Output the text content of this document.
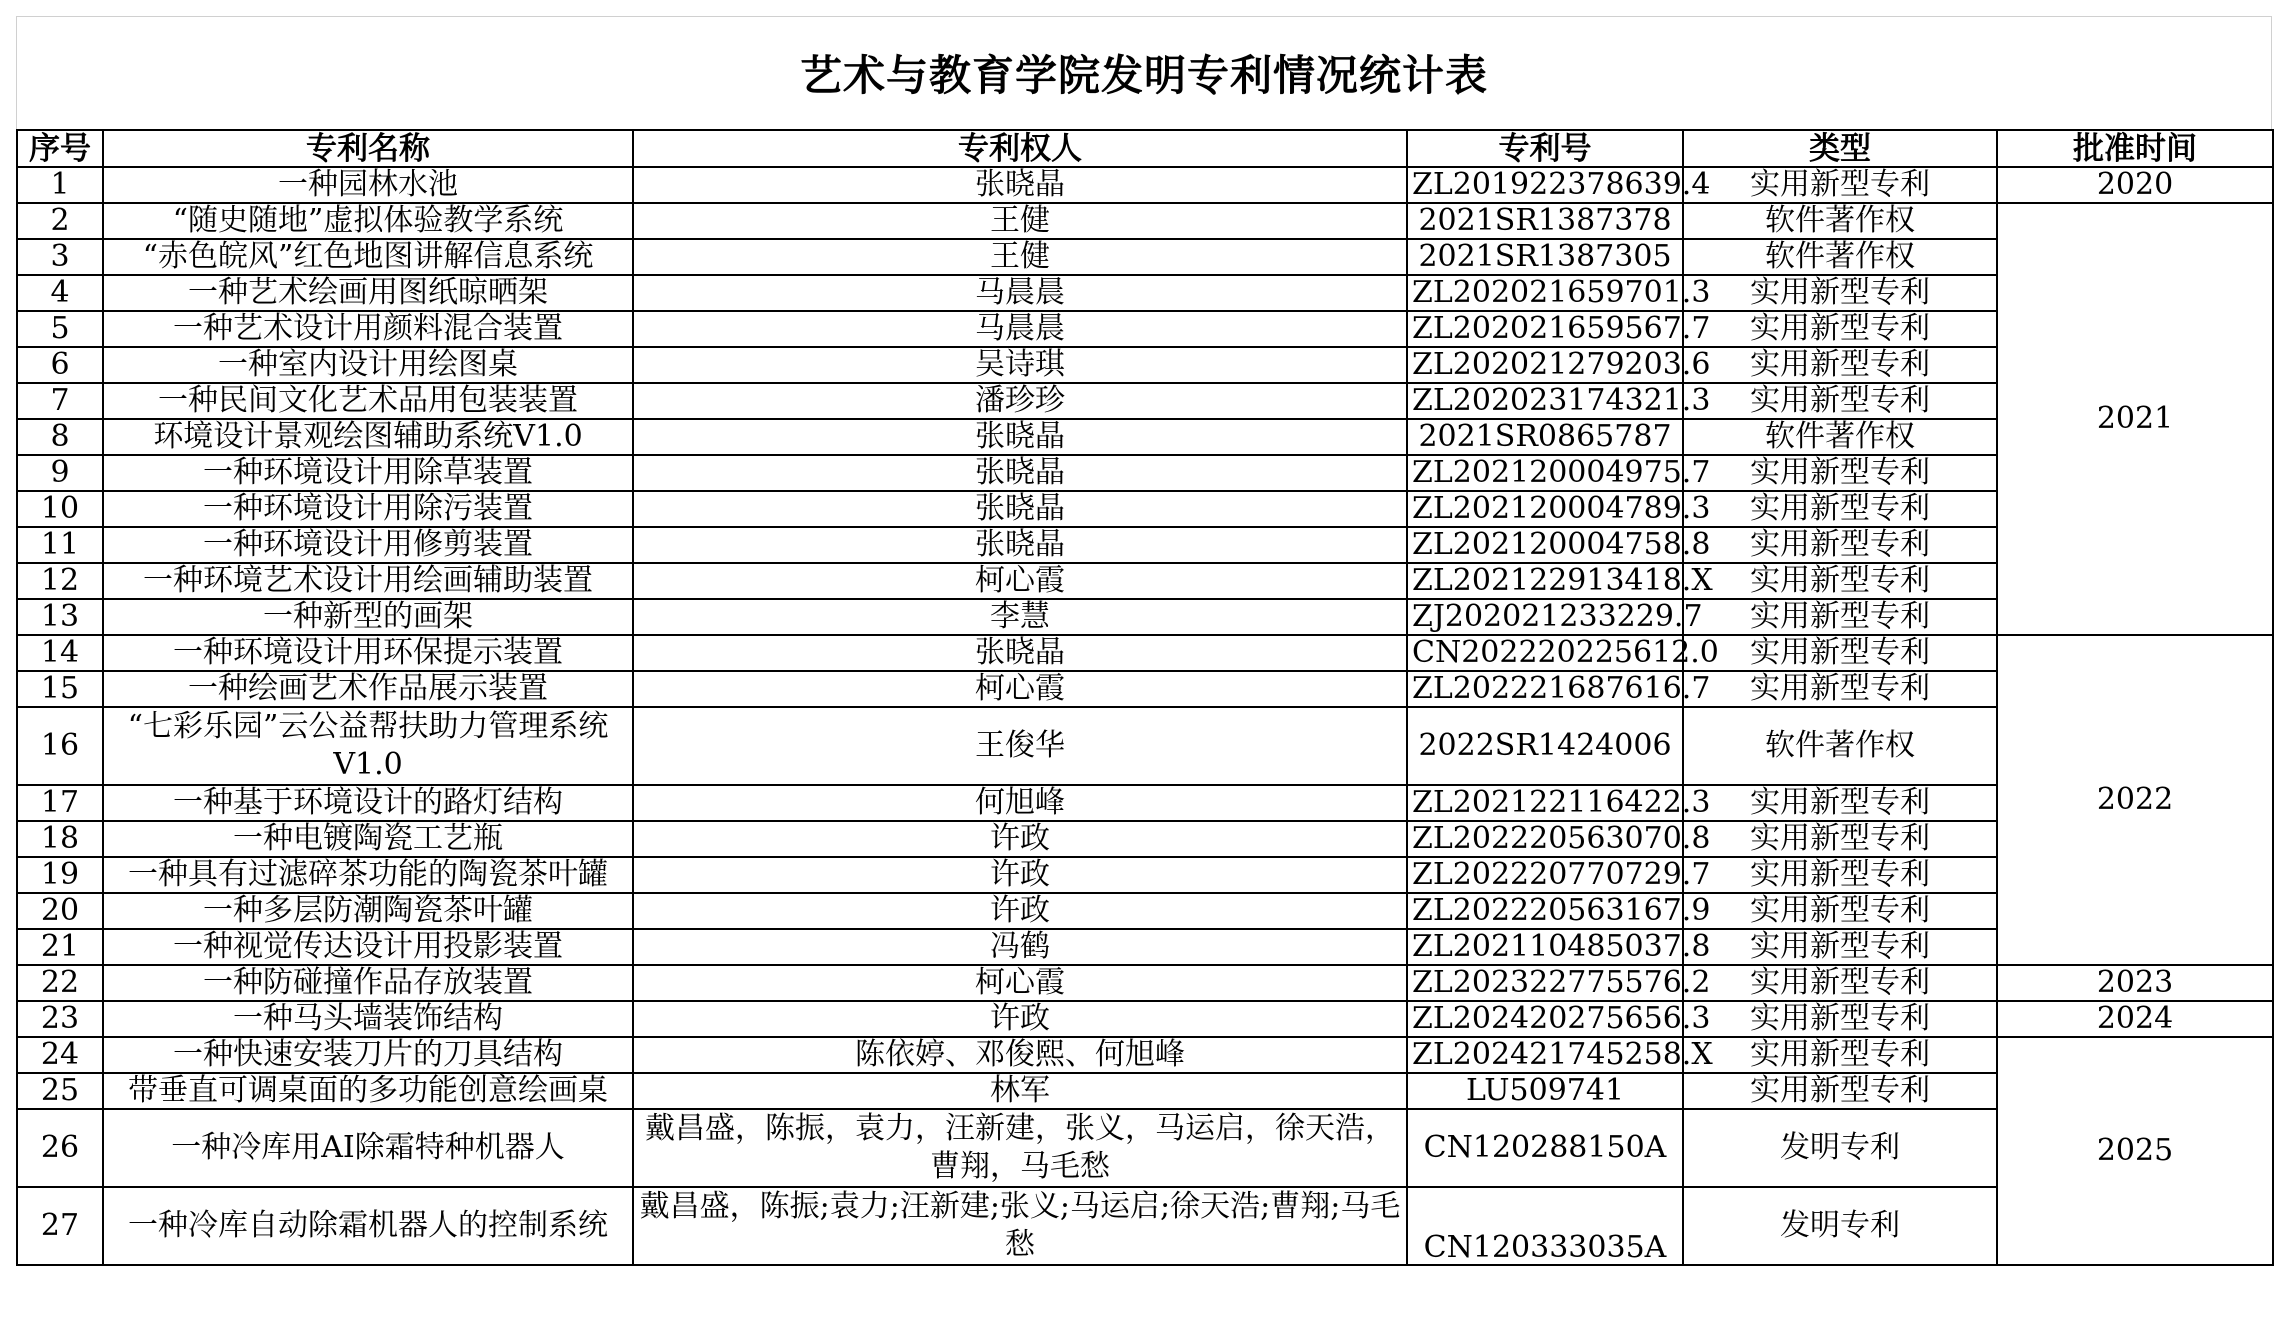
艺术与教育学院发明专利情况统计表
序号	专利名称	专利权人	专利号	类型	批准时间
1	一种园林水池	张晓晶	ZL201922378639.4	实用新型专利	2020
2	“随史随地”虚拟体验教学系统	王健	2021SR1387378	软件著作权	2021
3	“赤色皖风”红色地图讲解信息系统	王健	2021SR1387305	软件著作权	
4	一种艺术绘画用图纸晾晒架	马晨晨	ZL202021659701.3	实用新型专利	
5	一种艺术设计用颜料混合装置	马晨晨	ZL202021659567.7	实用新型专利	
6	一种室内设计用绘图桌	吴诗琪	ZL202021279203.6	实用新型专利	
7	一种民间文化艺术品用包装装置	潘珍珍	ZL202023174321.3	实用新型专利	
8	环境设计景观绘图辅助系统V1.0	张晓晶	2021SR0865787	软件著作权	
9	一种环境设计用除草装置	张晓晶	ZL202120004975.7	实用新型专利	
10	一种环境设计用除污装置	张晓晶	ZL202120004789.3	实用新型专利	
11	一种环境设计用修剪装置	张晓晶	ZL202120004758.8	实用新型专利	
12	一种环境艺术设计用绘画辅助装置	柯心霞	ZL202122913418.X	实用新型专利	
13	一种新型的画架	李慧	ZJ202021233229.7	实用新型专利	
14	一种环境设计用环保提示装置	张晓晶	CN202220225612.0	实用新型专利	2022
15	一种绘画艺术作品展示装置	柯心霞	ZL202221687616.7	实用新型专利	
16	“七彩乐园”云公益帮扶助力管理系统V1.0	王俊华	2022SR1424006	软件著作权	
17	一种基于环境设计的路灯结构	何旭峰	ZL202122116422.3	实用新型专利	
18	一种电镀陶瓷工艺瓶	许政	ZL202220563070.8	实用新型专利	
19	一种具有过滤碎茶功能的陶瓷茶叶罐	许政	ZL202220770729.7	实用新型专利	
20	一种多层防潮陶瓷茶叶罐	许政	ZL202220563167.9	实用新型专利	
21	一种视觉传达设计用投影装置	冯鹤	ZL202110485037.8	实用新型专利	
22	一种防碰撞作品存放装置	柯心霞	ZL202322775576.2	实用新型专利	2023
23	一种马头墙装饰结构	许政	ZL202420275656.3	实用新型专利	2024
24	一种快速安装刀片的刀具结构	陈依婷、邓俊熙、何旭峰	ZL202421745258.X	实用新型专利	2025
25	带垂直可调桌面的多功能创意绘画桌	林军	LU509741	实用新型专利	
26	一种冷库用AI除霜特种机器人	戴昌盛，陈振，袁力，汪新建，张义，马运启，徐天浩，曹翔，马毛愁	CN120288150A	发明专利	
27	一种冷库自动除霜机器人的控制系统	戴昌盛，陈振;袁力;汪新建;张义;马运启;徐天浩;曹翔;马毛愁	CN120333035A	发明专利	
